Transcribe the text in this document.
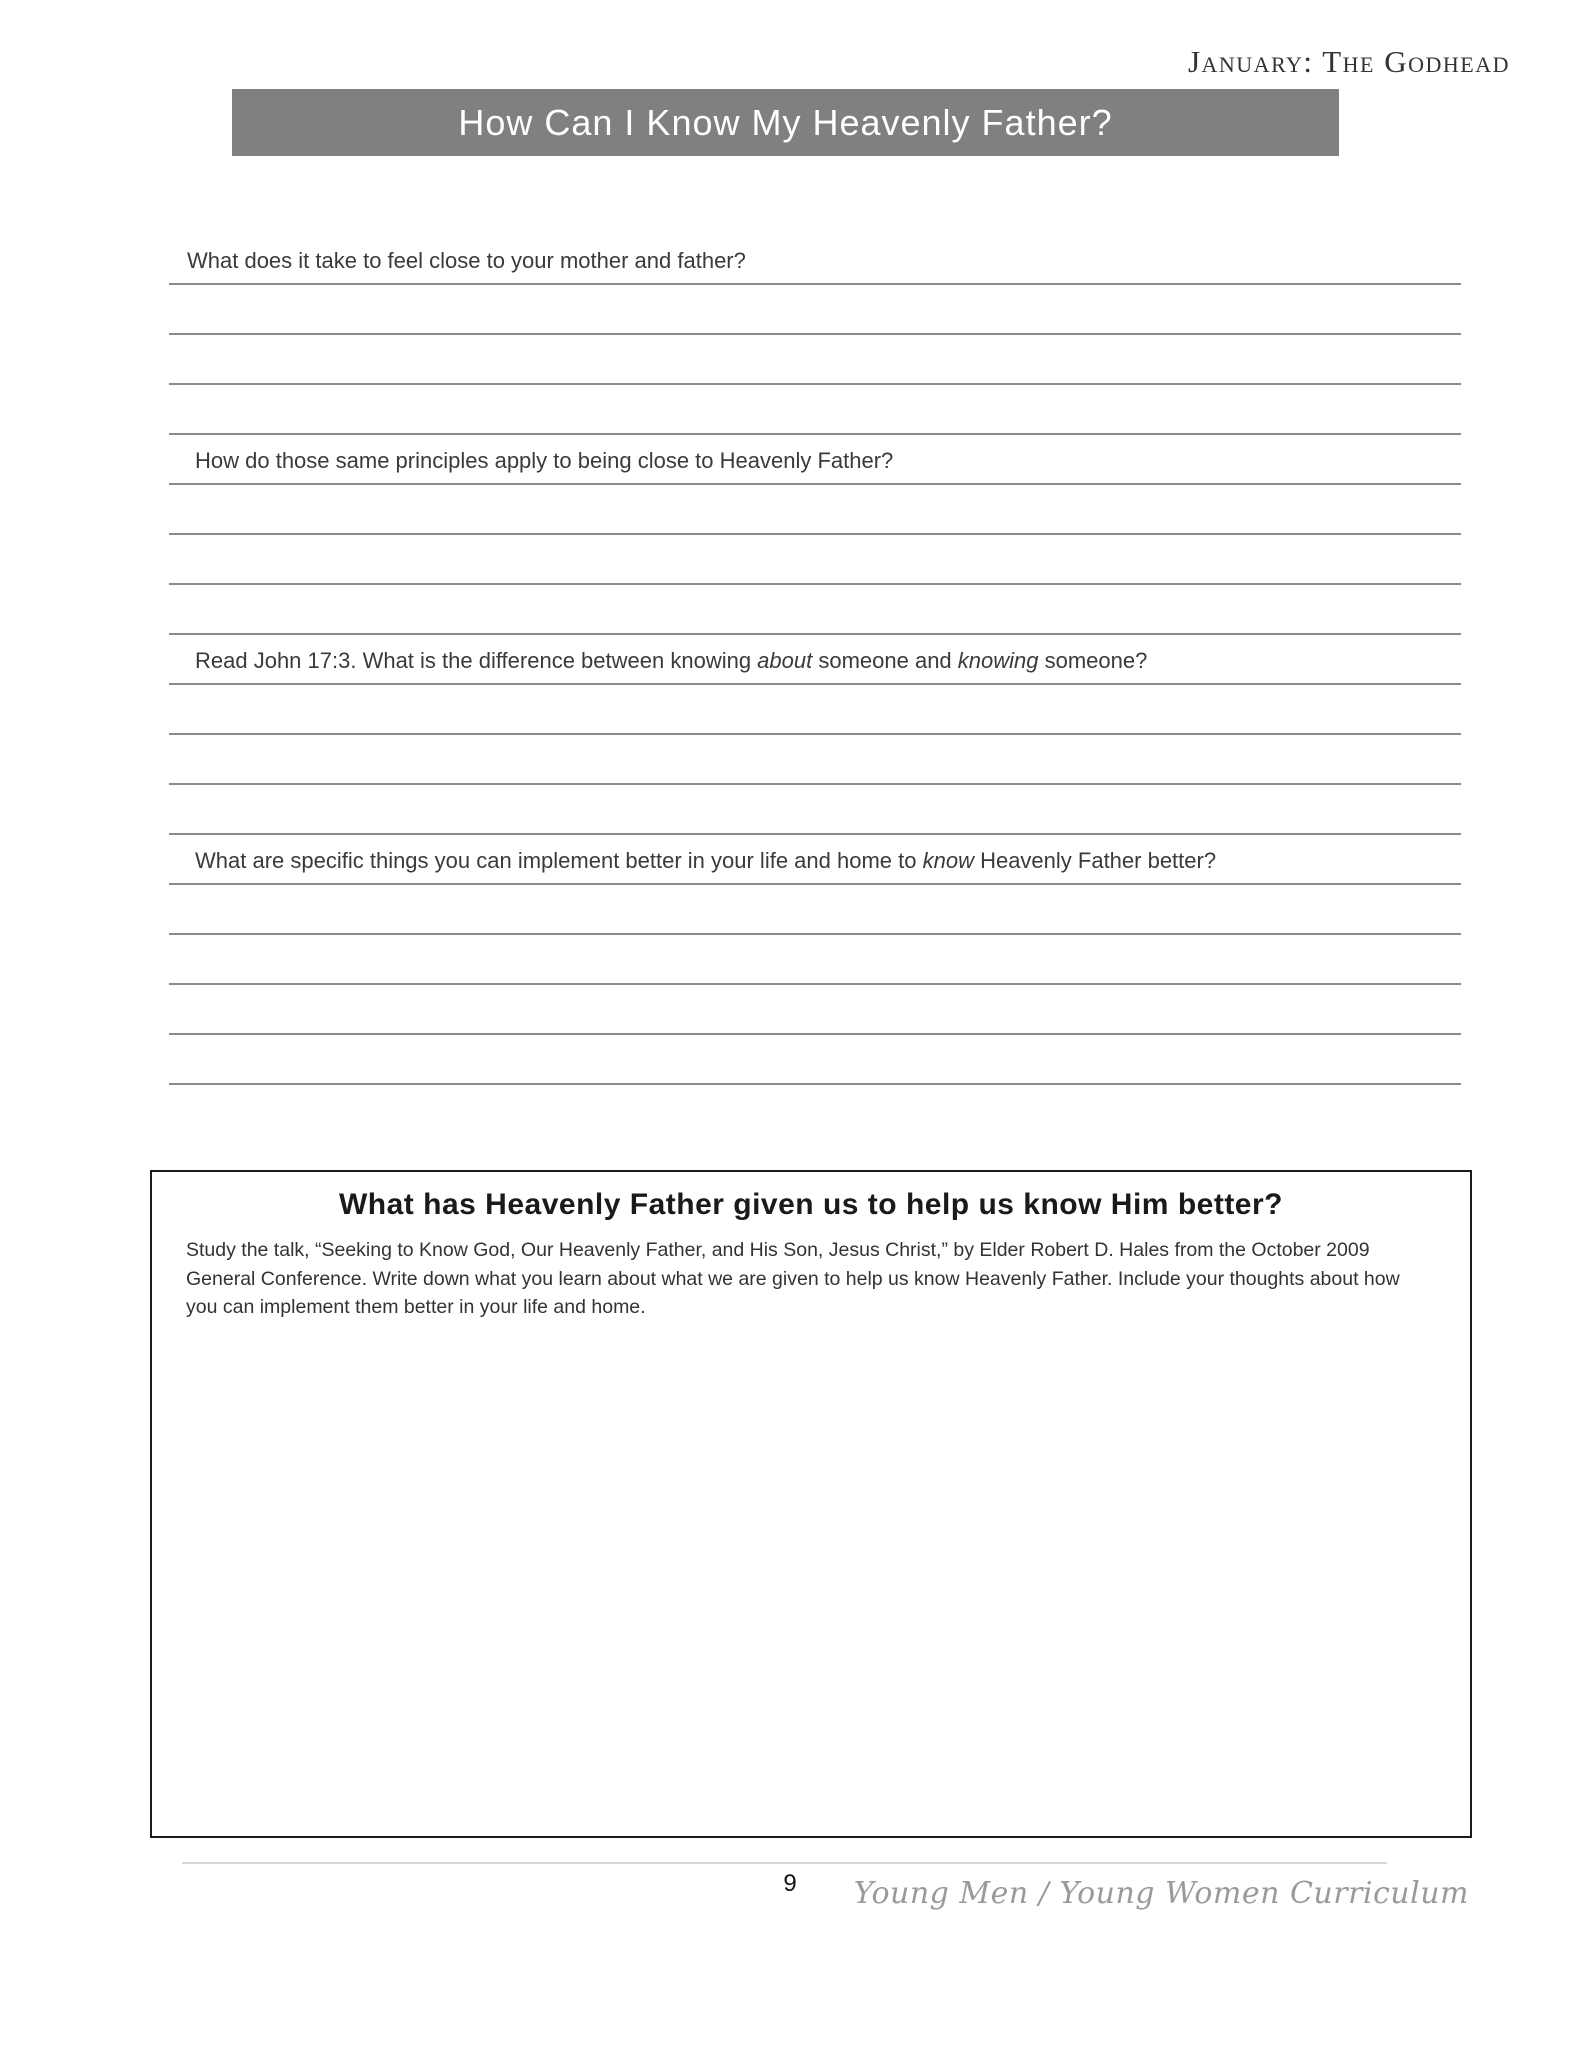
January: The Godhead
How Can I Know My Heavenly Father?
What does it take to feel close to your mother and father?
How do those same principles apply to being close to Heavenly Father?
Read John 17:3. What is the difference between knowing about someone and knowing someone?
What are specific things you can implement better in your life and home to know Heavenly Father better?
What has Heavenly Father given us to help us know Him better?
Study the talk, “Seeking to Know God, Our Heavenly Father, and His Son, Jesus Christ,” by Elder Robert D. Hales from the October 2009 General Conference. Write down what you learn about what we are given to help us know Heavenly Father. Include your thoughts about how you can implement them better in your life and home.
9	Young Men / Young Women Curriculum
